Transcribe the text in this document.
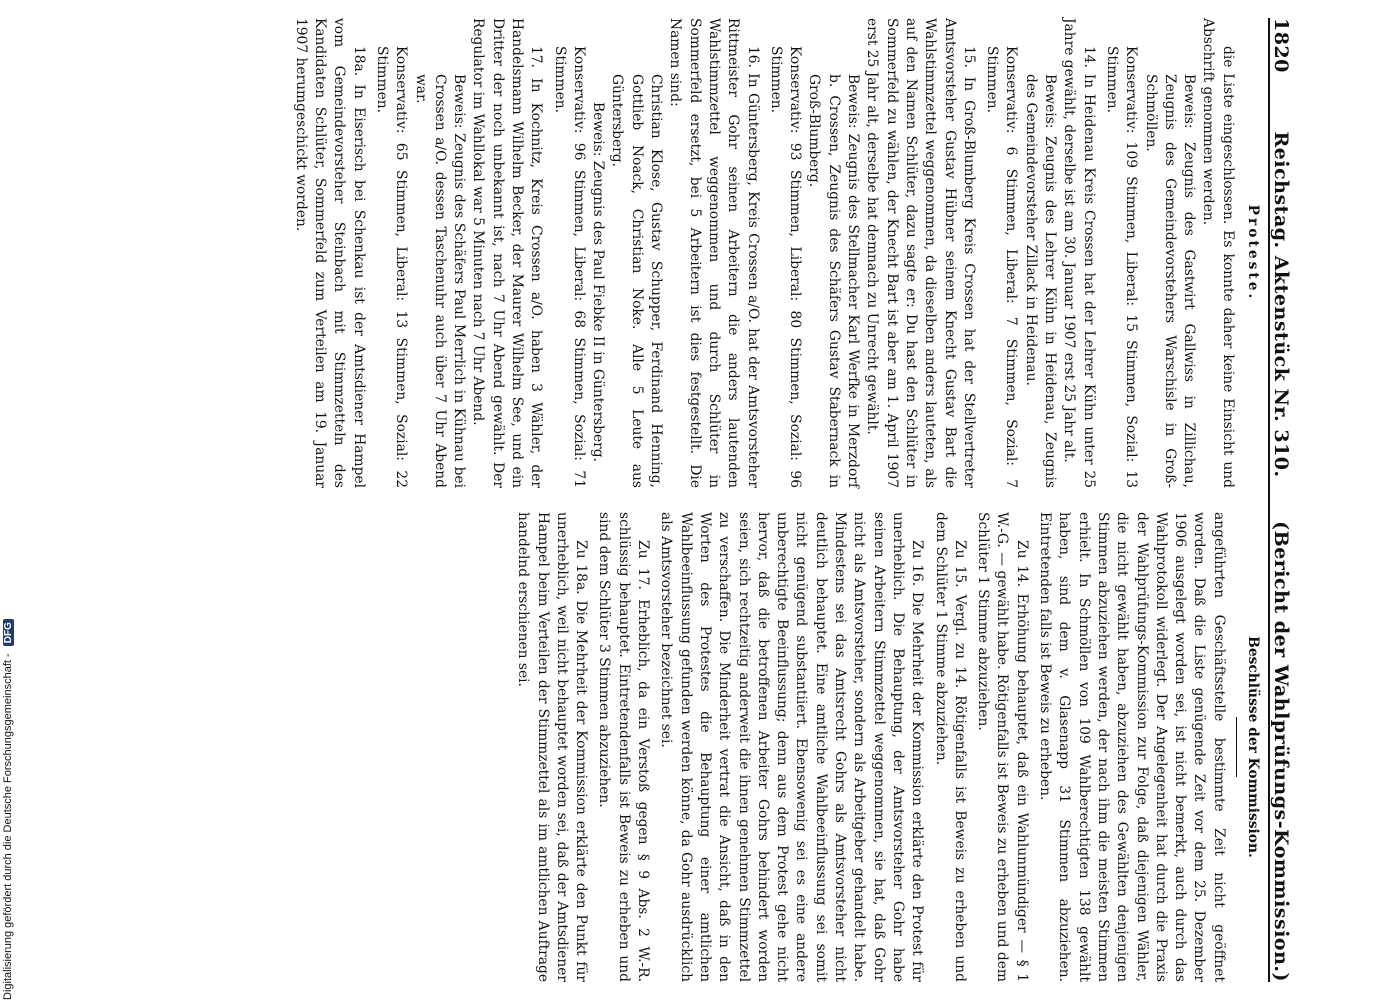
1820
Reichstag. Aktenstück Nr. 310.
(Bericht der Wahlprüfungs-Kommission.)

Proteste.

die Liste eingeschlossen. Es konnte daher keine Einsicht und Abschrift genommen werden.

Beweis: Zeugnis des Gastwirt Gallwiss in Zillichau, Zeugnis des Gemeindevorstehers Warschisle in Groß-Schmöllen.

Konservativ: 109 Stimmen, Liberal: 15 Stimmen, Sozial: 13 Stimmen.

14. In Heidenau Kreis Crossen hat der Lehrer Kühn unter 25 Jahre gewählt, derselbe ist am 30. Januar 1907 erst 25 Jahr alt.

Beweis: Zeugnis des Lehrer Kühn in Heidenau, Zeugnis des Gemeindevorsteher Zillack in Heidenau.

Konservativ: 6 Stimmen, Liberal: 7 Stimmen, Sozial: 7 Stimmen.

15. In Groß-Blumberg Kreis Crossen hat der Stellvertreter Amtsvorsteher Gustav Hübner seinem Knecht Gustav Bart die Wahlstimmzettel weggenommen, da dieselben anders lauteten, als auf den Namen Schlüter, dazu sagte er: Du hast den Schlüter in Sommerfeld zu wählen, der Knecht Bart ist aber am 1. April 1907 erst 25 Jahr alt, derselbe hat demnach zu Unrecht gewählt.

Beweis: Zeugnis des Stellmacher Karl Werfke in Merzdorf b. Crossen, Zeugnis des Schäfers Gustav Stabernack in Groß-Blumberg.

Konservativ: 93 Stimmen, Liberal: 80 Stimmen, Sozial: 96 Stimmen.

16. In Güntersberg, Kreis Crossen a/O. hat der Amtsvorsteher Rittmeister Gohr seinen Arbeitern die anders lautenden Wahlstimmzettel weggenommen und durch Schlüter in Sommerfeld ersetzt, bei 5 Arbeitern ist dies festgestellt. Die Namen sind:

Christian Klose, Gustav Schupper, Ferdinand Henning, Gottlieb Noack, Christian Noke. Alle 5 Leute aus Güntersberg.

Beweis: Zeugnis des Paul Fiebke II in Güntersberg.

Konservativ: 96 Stimmen, Liberal: 68 Stimmen, Sozial: 71 Stimmen.

17. In Kochnitz, Kreis Crossen a/O. haben 3 Wähler, der Handelsmann Wilhelm Becker, der Maurer Wilhelm See, und ein Dritter der noch unbekannt ist, nach 7 Uhr Abend gewählt. Der Regulator im Wahllokal war 5 Minuten nach 7 Uhr Abend.

Beweis: Zeugnis des Schäfers Paul Merrlich in Kühnau bei Crossen a/O. dessen Taschenuhr auch über 7 Uhr Abend war.

Konservativ: 65 Stimmen, Liberal: 13 Stimmen, Sozial: 22 Stimmen.

18a. In Eiserisch bei Schenkau ist der Amtsdiener Hampel vom Gemeindevorsteher Steinbach mit Stimmzetteln des Kandidaten Schlüter, Sommerfeld zum Verteilen am 19. Januar 1907 herumgeschickt worden.

Beschlüsse der Kommission.

angeführten Geschäftsstelle bestimmte Zeit nicht geöffnet worden. Daß die Liste genügende Zeit vor dem 25. Dezember 1906 ausgelegt worden sei, ist nicht bemerkt, auch durch das Wahlprotokoll widerlegt. Der Angelegenheit hat durch die Praxis der Wahlprüfungs-Kommission zur Folge, daß diejenigen Wähler, die nicht gewählt haben, abzuziehen des Gewählten denjenigen Stimmen abzuziehen werden, der nach ihm die meisten Stimmen erhielt. In Schmöllen von 109 Wahlberechtigten 138 gewählt haben, sind dem v. Glasenapp 31 Stimmen abzuziehen. Eintretenden falls ist Beweis zu erheben.

Zu 14. Erhöhung behauptet, daß ein Wahlunmündiger — § 1 W.-G. — gewählt habe. Rötigenfalls ist Beweis zu erheben und dem Schlüter 1 Stimme abzuziehen.

Zu 15. Vergl. zu 14. Rötigenfalls ist Beweis zu erheben und dem Schlüter 1 Stimme abzuziehen.

Zu 16. Die Mehrheit der Kommission erklärte den Protest für unerheblich. Die Behauptung, der Amtsvorsteher Gohr habe seinen Arbeitern Stimmzettel weggenommen, sie hat, daß Gohr nicht als Amtsvorsteher, sondern als Arbeitgeber gehandelt habe. Mindestens sei das Amtsrecht Gohrs als Amtsvorsteher nicht deutlich behauptet. Eine amtliche Wahlbeeinflussung sei somit nicht genügend substantiiert. Ebensowenig sei es eine andere unberechtigte Beeinflussung; denn aus dem Protest gehe nicht hervor, daß die betroffenen Arbeiter Gohrs behindert worden seien, sich rechtzeitig anderweit die ihnen genehmen Stimmzettel zu verschaffen. Die Minderheit vertrat die Ansicht, daß in den Worten des Protestes die Behauptung einer amtlichen Wahlbeeinflussung gefunden werden könne, da Gohr ausdrücklich als Amtsvorsteher bezeichnet sei.

Zu 17. Erheblich, da ein Verstoß gegen § 9 Abs. 2 W.-R. schlüssig behauptet. Eintretendenfalls ist Beweis zu erheben und sind dem Schlüter 3 Stimmen abzuziehen.

Zu 18a. Die Mehrheit der Kommission erklärte den Punkt für unerheblich, weil nicht behauptet worden sei, daß der Amtsdiener Hampel beim Verteilen der Stimmzettel als im amtlichen Auftrage handelnd erschienen sei.

Digitalisierung gefördert durch die Deutsche Forschungsgemeinschaft - DFG
